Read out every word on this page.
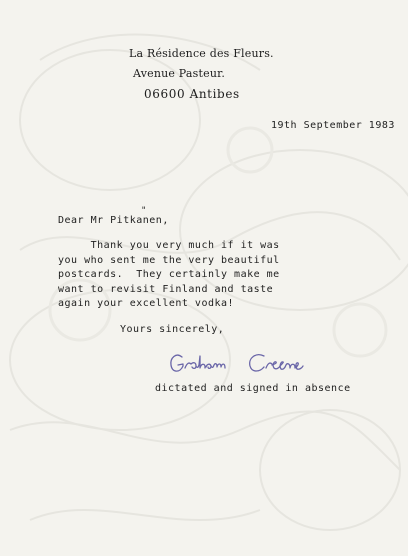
La Résidence des Fleurs.
Avenue Pasteur.
06600 Antibes
19th September 1983
"
Dear Mr Pitkanen,
Thank you very much if it was
you who sent me the very beautiful
postcards.  They certainly make me
want to revisit Finland and taste
again your excellent vodka!
Yours sincerely,
dictated and signed in absence
